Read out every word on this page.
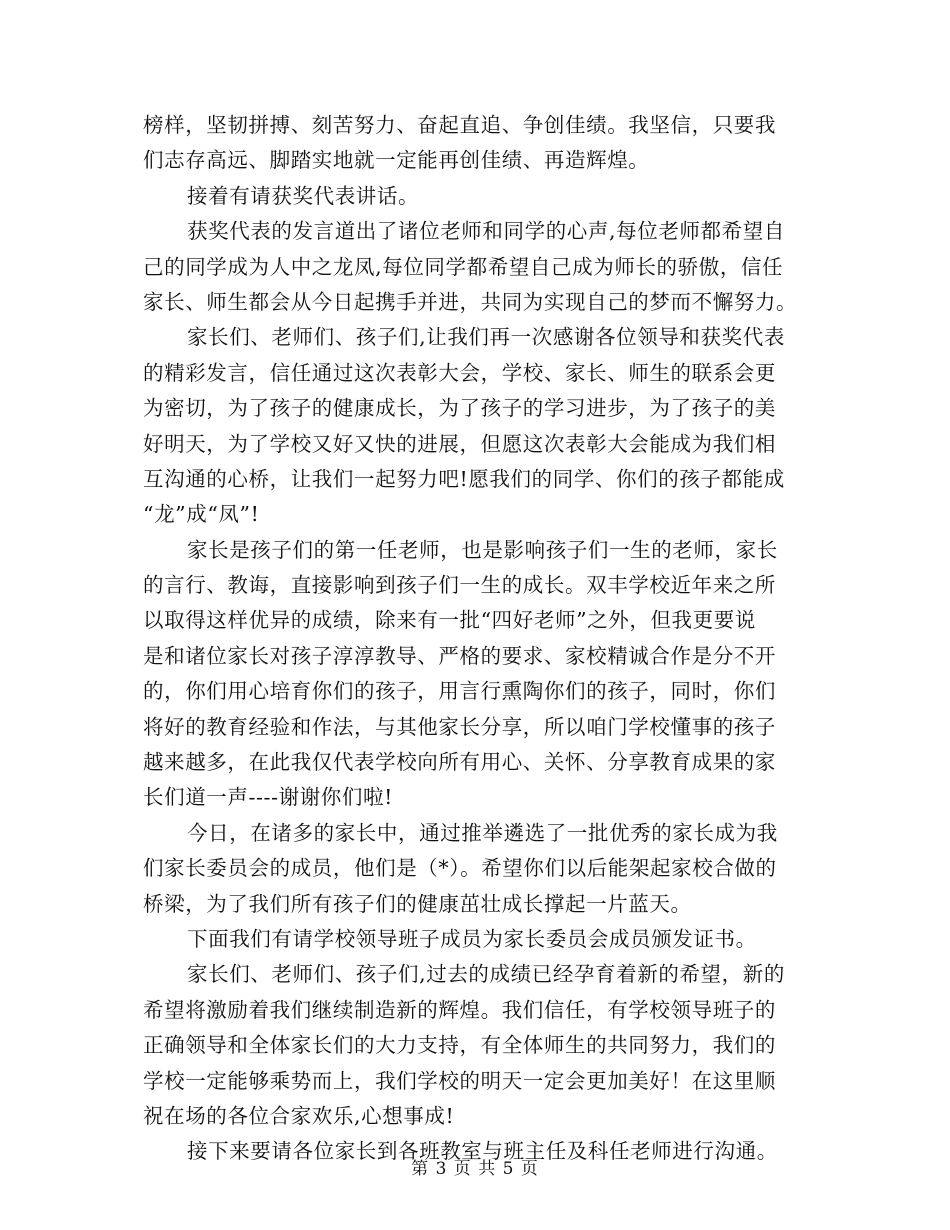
榜样，坚韧拼搏、刻苦努力、奋起直追、争创佳绩。我坚信，只要我
们志存高远、脚踏实地就一定能再创佳绩、再造辉煌。
接着有请获奖代表讲话。
获奖代表的发言道出了诸位老师和同学的心声,每位老师都希望自
己的同学成为人中之龙凤,每位同学都希望自己成为师长的骄傲，信任
家长、师生都会从今日起携手并进，共同为实现自己的梦而不懈努力。
家长们、老师们、孩子们,让我们再一次感谢各位领导和获奖代表
的精彩发言，信任通过这次表彰大会，学校、家长、师生的联系会更
为密切，为了孩子的健康成长，为了孩子的学习进步，为了孩子的美
好明天，为了学校又好又快的进展，但愿这次表彰大会能成为我们相
互沟通的心桥，让我们一起努力吧!愿我们的同学、你们的孩子都能成
“龙”成“凤”!
家长是孩子们的第一任老师，也是影响孩子们一生的老师，家长
的言行、教诲，直接影响到孩子们一生的成长。双丰学校近年来之所
以取得这样优异的成绩，除来有一批“四好老师”之外，但我更要说
是和诸位家长对孩子淳淳教导、严格的要求、家校精诚合作是分不开
的，你们用心培育你们的孩子，用言行熏陶你们的孩子，同时，你们
将好的教育经验和作法，与其他家长分享，所以咱门学校懂事的孩子
越来越多，在此我仅代表学校向所有用心、关怀、分享教育成果的家
长们道一声----谢谢你们啦!
今日，在诸多的家长中，通过推举遴选了一批优秀的家长成为我
们家长委员会的成员，他们是（*）。希望你们以后能架起家校合做的
桥梁，为了我们所有孩子们的健康茁壮成长撑起一片蓝天。
下面我们有请学校领导班子成员为家长委员会成员颁发证书。
家长们、老师们、孩子们,过去的成绩已经孕育着新的希望，新的
希望将激励着我们继续制造新的辉煌。我们信任，有学校领导班子的
正确领导和全体家长们的大力支持，有全体师生的共同努力，我们的
学校一定能够乘势而上，我们学校的明天一定会更加美好！在这里顺
祝在场的各位合家欢乐,心想事成!
接下来要请各位家长到各班教室与班主任及科任老师进行沟通。
第 3 页 共 5 页
